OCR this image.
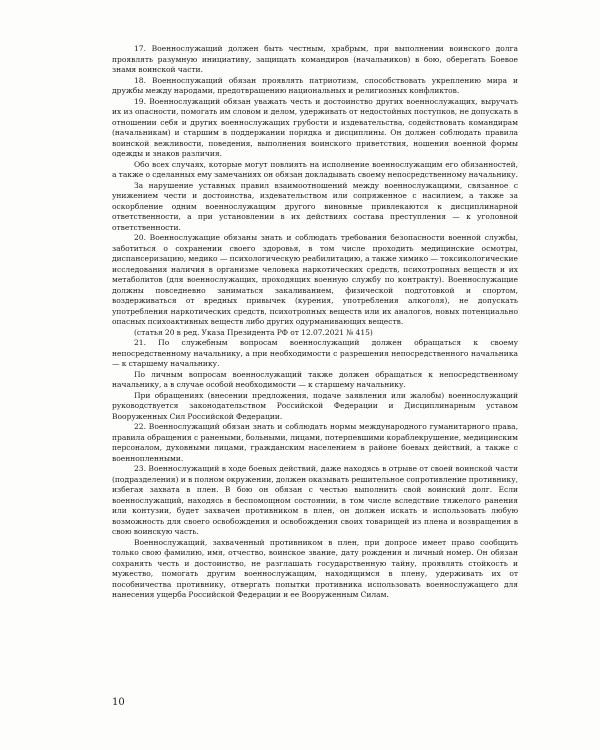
17. Военнослужащий должен быть честным, храбрым, при выполнении воинского долга проявлять разумную инициативу, защищать командиров (начальников) в бою, оберегать Боевое знамя воинской части.

18. Военнослужащий обязан проявлять патриотизм, способствовать укреплению мира и дружбы между народами, предотвращению национальных и религиозных конфликтов.

19. Военнослужащий обязан уважать честь и достоинство других военнослужащих, выручать их из опасности, помогать им словом и делом, удерживать от недостойных поступков, не допускать в отношении себя и других военнослужащих грубости и издевательства, содействовать командирам (начальникам) и старшим в поддержании порядка и дисциплины. Он должен соблюдать правила воинской вежливости, поведения, выполнения воинского приветствия, ношения военной формы одежды и знаков различия.

Обо всех случаях, которые могут повлиять на исполнение военнослужащим его обязанностей, а также о сделанных ему замечаниях он обязан докладывать своему непосредственному начальнику.

За нарушение уставных правил взаимоотношений между военнослужащими, связанное с унижением чести и достоинства, издевательством или сопряженное с насилием, а также за оскорбление одним военнослужащим другого виновные привлекаются к дисциплинарной ответственности, а при установлении в их действиях состава преступления — к уголовной ответственности.

20. Военнослужащие обязаны знать и соблюдать требования безопасности военной службы, заботиться о сохранении своего здоровья, в том числе проходить медицинские осмотры, диспансеризацию, медико — психологическую реабилитацию, а также химико — токсикологические исследования наличия в организме человека наркотических средств, психотропных веществ и их метаболитов (для военнослужащих, проходящих военную службу по контракту). Военнослужащие должны повседневно заниматься закаливанием, физической подготовкой и спортом, воздерживаться от вредных привычек (курения, употребления алкоголя), не допускать употребления наркотических средств, психотропных веществ или их аналогов, новых потенциально опасных психоактивных веществ либо других одурманивающих веществ.

(статья 20 в ред. Указа Президента РФ от 12.07.2021 № 415)

21. По служебным вопросам военнослужащий должен обращаться к своему непосредственному начальнику, а при необходимости с разрешения непосредственного начальника — к старшему начальнику.

По личным вопросам военнослужащий также должен обращаться к непосредственному начальнику, а в случае особой необходимости — к старшему начальнику.

При обращениях (внесении предложения, подаче заявления или жалобы) военнослужащий руководствуется законодательством Российской Федерации и Дисциплинарным уставом Вооруженных Сил Российской Федерации.

22. Военнослужащий обязан знать и соблюдать нормы международного гуманитарного права, правила обращения с ранеными, больными, лицами, потерпевшими кораблекрушение, медицинским персоналом, духовными лицами, гражданским населением в районе боевых действий, а также с военнопленными.

23. Военнослужащий в ходе боевых действий, даже находясь в отрыве от своей воинской части (подразделения) и в полном окружении, должен оказывать решительное сопротивление противнику, избегая захвата в плен. В бою он обязан с честью выполнить свой воинский долг. Если военнослужащий, находясь в беспомощном состоянии, в том числе вследствие тяжелого ранения или контузии, будет захвачен противником в плен, он должен искать и использовать любую возможность для своего освобождения и освобождения своих товарищей из плена и возвращения в свою воинскую часть.

Военнослужащий, захваченный противником в плен, при допросе имеет право сообщить только свою фамилию, имя, отчество, воинское звание, дату рождения и личный номер. Он обязан сохранять честь и достоинство, не разглашать государственную тайну, проявлять стойкость и мужество, помогать другим военнослужащим, находящимся в плену, удерживать их от пособничества противнику, отвергать попытки противника использовать военнослужащего для нанесения ущерба Российской Федерации и ее Вооруженным Силам.

10
